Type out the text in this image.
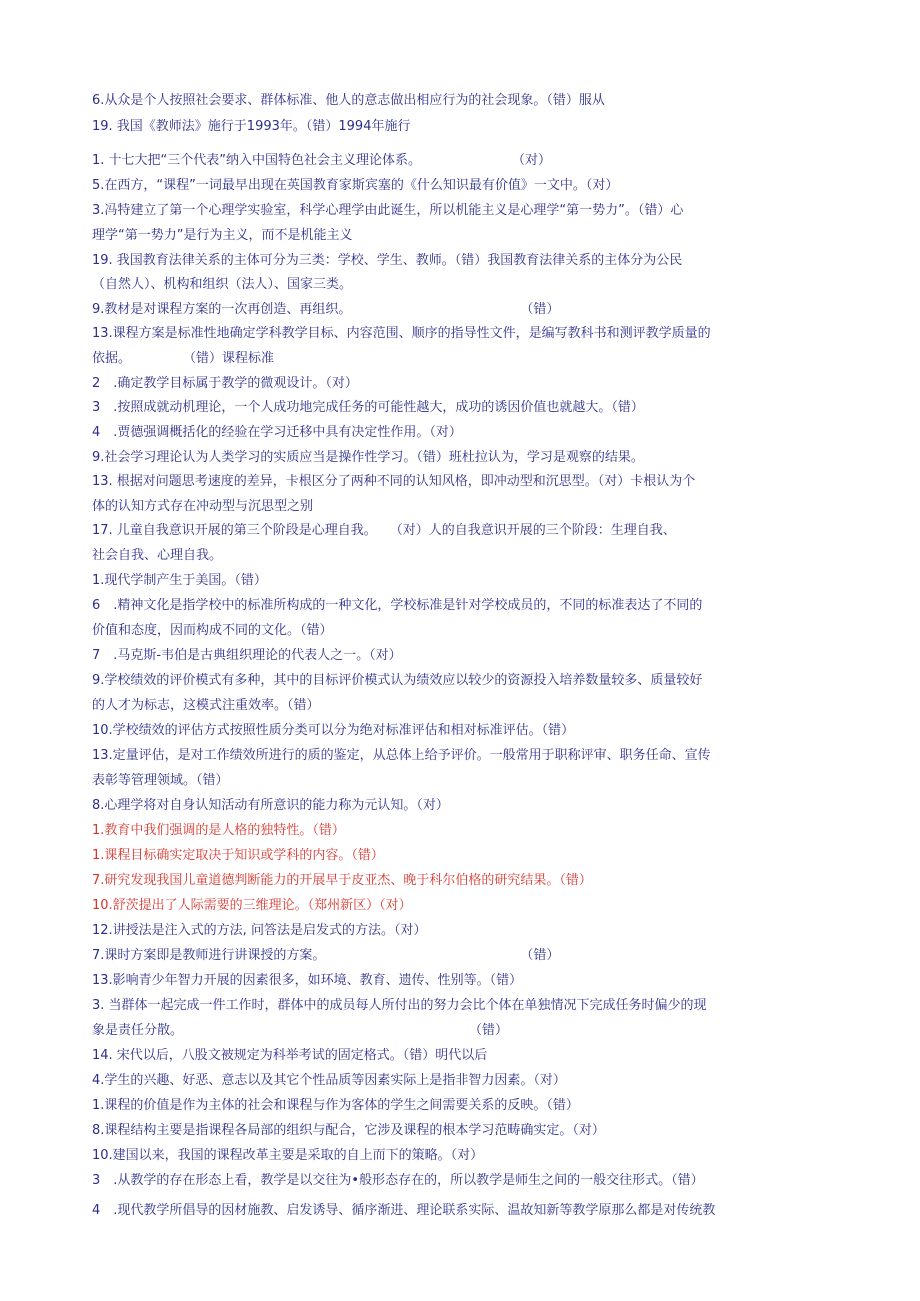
6.从众是个人按照社会要求、群体标准、他人的意志做出相应行为的社会现象。（错）服从
19. 我国《教师法》施行于1993年。（错）1994年施行
1. 十七大把“三个代表”纳入中国特色社会主义理论体系。　　　　　　　　（对）
5.在西方，“课程”一词最早出现在英国教育家斯宾塞的《什么知识最有价值》一文中。（对）
3.冯特建立了第一个心理学实验室，科学心理学由此诞生，所以机能主义是心理学“第一势力”。（错）心
理学“第一势力”是行为主义，而不是机能主义
19. 我国教育法律关系的主体可分为三类：学校、学生、教师。（错）我国教育法律关系的主体分为公民
（自然人）、机构和组织（法人）、国家三类。
9.教材是对课程方案的一次再创造、再组织。　　　　　　　　　　　　　　（错）
13.课程方案是标准性地确定学科教学目标、内容范围、顺序的指导性文件，是编写教科书和测评教学质量的
依据。　　　　　（错）课程标准
2　.确定教学目标属于教学的微观设计。（对）
3　.按照成就动机理论，一个人成功地完成任务的可能性越大，成功的诱因价值也就越大。（错）
4　.贾德强调概括化的经验在学习迁移中具有决定性作用。（对）
9.社会学习理论认为人类学习的实质应当是操作性学习。（错）班杜拉认为，学习是观察的结果。
13. 根据对问题思考速度的差异，卡根区分了两种不同的认知风格，即冲动型和沉思型。（对）卡根认为个
体的认知方式存在冲动型与沉思型之别
17. 儿童自我意识开展的第三个阶段是心理自我。　　（对）人的自我意识开展的三个阶段：生理自我、
社会自我、心理自我。
1.现代学制产生于美国。（错）
6　.精神文化是指学校中的标准所构成的一种文化，学校标准是针对学校成员的，不同的标准表达了不同的
价值和态度，因而构成不同的文化。（错）
7　.马克斯-韦伯是古典组织理论的代表人之一。（对）
9.学校绩效的评价模式有多种，其中的目标评价模式认为绩效应以较少的资源投入培养数量较多、质量较好
的人才为标志，这模式注重效率。（错）
10.学校绩效的评估方式按照性质分类可以分为绝对标准评估和相对标准评估。（错）
13.定量评估，是对工作绩效所进行的质的鉴定，从总体上给予评价。一般常用于职称评审、职务任命、宣传
表彰等管理领域。（错）
8.心理学将对自身认知活动有所意识的能力称为元认知。（对）
1.教育中我们强调的是人格的独特性。（错）
1.课程目标确实定取决于知识或学科的内容。（错）
7.研究发现我国儿童道德判断能力的开展早于皮亚杰、晚于科尔伯格的研究结果。（错）
10.舒茨提出了人际需要的三维理论。（郑州新区）（对）
12.讲授法是注入式的方法, 问答法是启发式的方法。（对）
7.课时方案即是教师进行讲课授的方案。　　　　　　　　　　　　　　　　（错）
13.影响青少年智力开展的因素很多，如环境、教育、遗传、性别等。（错）
3. 当群体一起完成一件工作时，群体中的成员每人所付出的努力会比个体在单独情况下完成任务时偏少的现
象是责任分散。　　　　　　　　　　　　　　　　　　　　　　　（错）
14. 宋代以后，八股文被规定为科举考试的固定格式。（错）明代以后
4.学生的兴趣、好恶、意志以及其它个性品质等因素实际上是指非智力因素。（对）
1.课程的价值是作为主体的社会和课程与作为客体的学生之间需要关系的反映。（错）
8.课程结构主要是指课程各局部的组织与配合，它涉及课程的根本学习范畴确实定。（对）
10.建国以来，我国的课程改革主要是采取的自上而下的策略。（对）
3　.从教学的存在形态上看，教学是以交往为•般形态存在的，所以教学是师生之间的一般交往形式。（错）
4　.现代教学所倡导的因材施教、启发诱导、循序渐进、理论联系实际、温故知新等教学原那么都是对传统教
